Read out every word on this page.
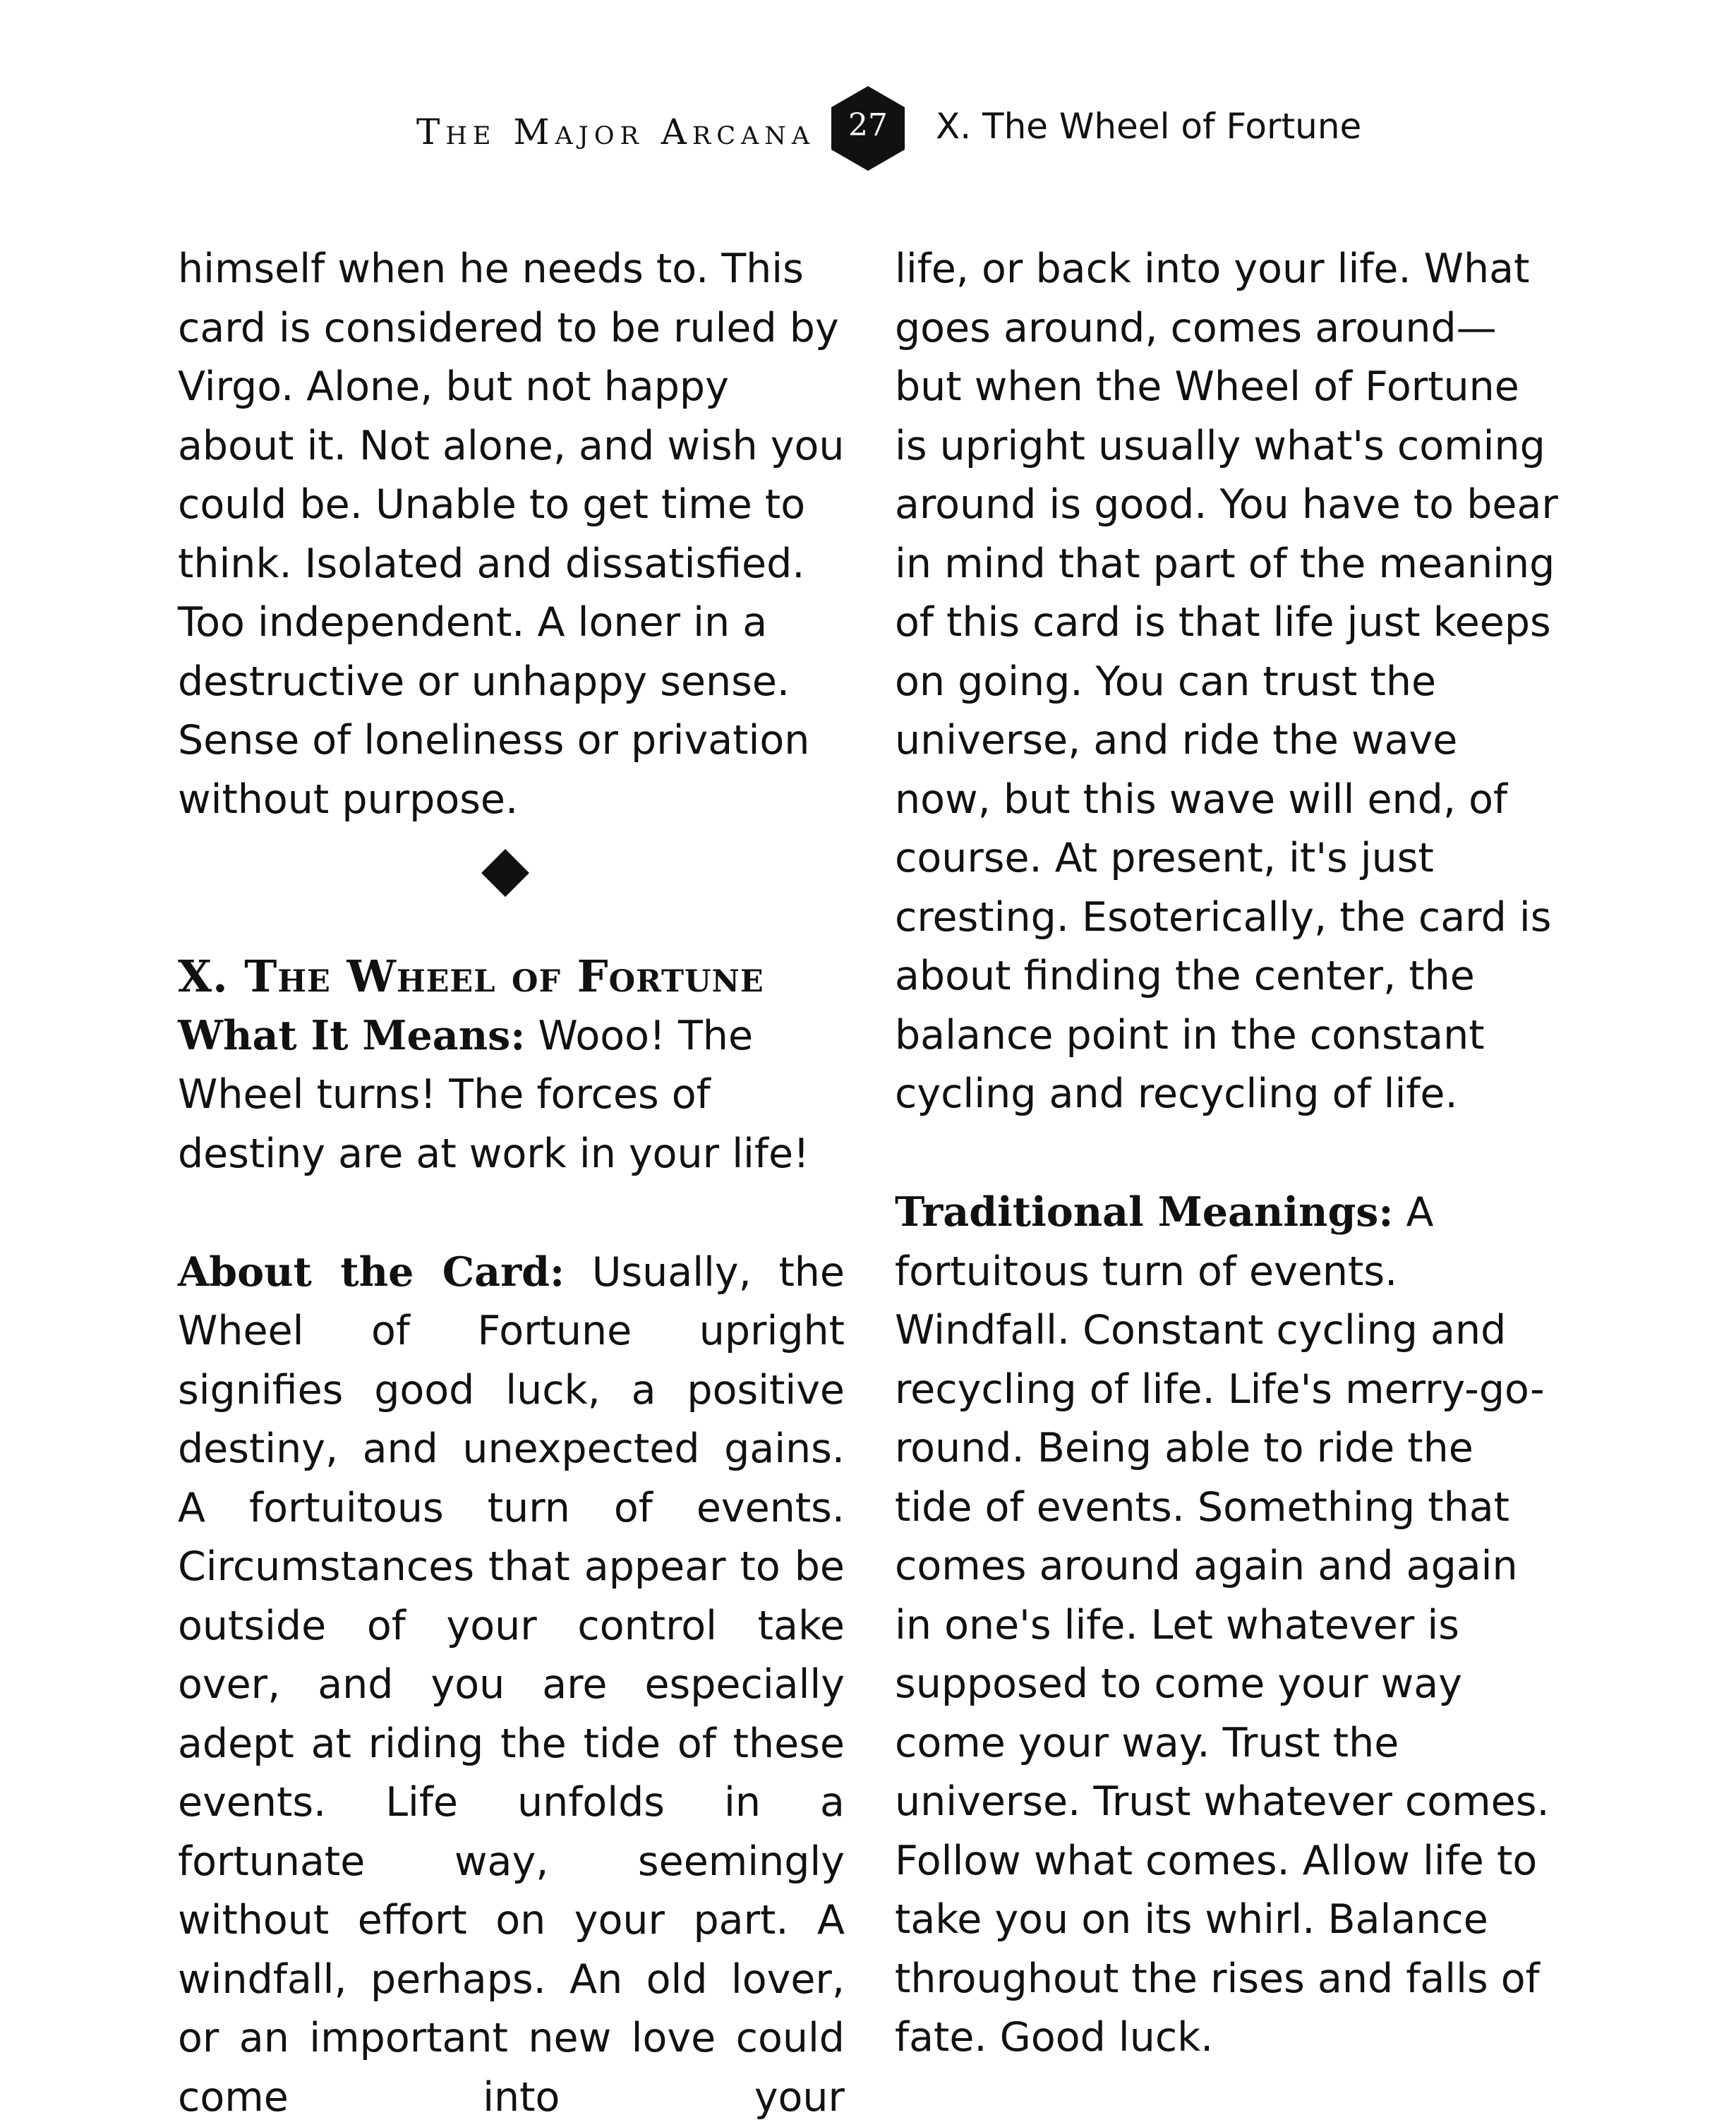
The Major Arcana	27	X. The Wheel of Fortune

himself when he needs to. This card is considered to be ruled by Virgo. Alone, but not happy about it. Not alone, and wish you could be. Unable to get time to think. Isolated and dissatisfied. Too independent. A loner in a destructive or unhappy sense. Sense of loneliness or privation without purpose.

X. The Wheel of Fortune

What It Means: Wooo! The Wheel turns! The forces of destiny are at work in your life!

About the Card: Usually, the Wheel of Fortune upright signifies good luck, a positive destiny, and unexpected gains. A fortuitous turn of events. Circumstances that appear to be outside of your control take over, and you are especially adept at riding the tide of these events. Life unfolds in a fortunate way, seemingly without effort on your part. A windfall, perhaps. An old lover, or an important new love could come into your

life, or back into your life. What goes around, comes around—but when the Wheel of Fortune is upright usually what's coming around is good. You have to bear in mind that part of the meaning of this card is that life just keeps on going. You can trust the universe, and ride the wave now, but this wave will end, of course. At present, it's just cresting. Esoterically, the card is about finding the center, the balance point in the constant cycling and recycling of life.

Traditional Meanings: A fortuitous turn of events. Windfall. Constant cycling and recycling of life. Life's merry-go-round. Being able to ride the tide of events. Something that comes around again and again in one's life. Let whatever is supposed to come your way come your way. Trust the universe. Trust whatever comes. Follow what comes. Allow life to take you on its whirl. Balance throughout the rises and falls of fate. Good luck.
